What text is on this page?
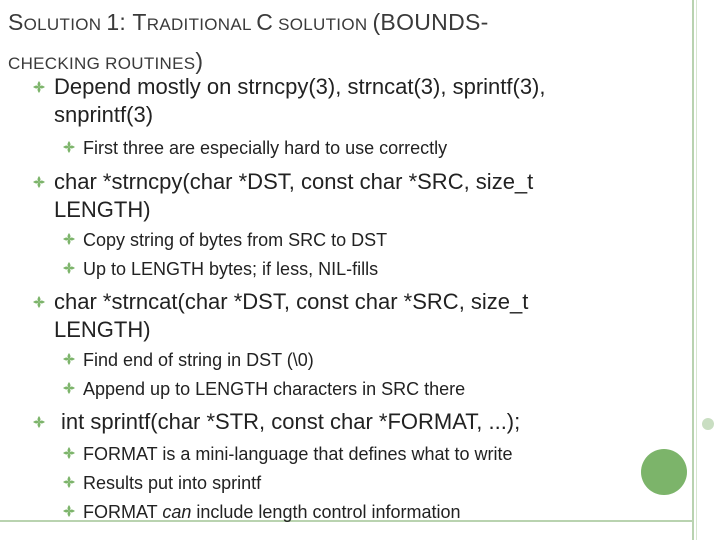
SOLUTION 1: TRADITIONAL C SOLUTION (BOUNDS-
CHECKING ROUTINES)
Depend mostly on strncpy(3), strncat(3), sprintf(3),
snprintf(3)
First three are especially hard to use correctly
char *strncpy(char *DST, const char *SRC, size_t
LENGTH)
Copy string of bytes from SRC to DST
Up to LENGTH bytes; if less, NIL-fills
char *strncat(char *DST, const char *SRC, size_t
LENGTH)
Find end of string in DST (\0)
Append up to LENGTH characters in SRC there
int sprintf(char *STR, const char *FORMAT, ...);
FORMAT is a mini-language that defines what to write
Results put into sprintf
FORMAT can include length control information
